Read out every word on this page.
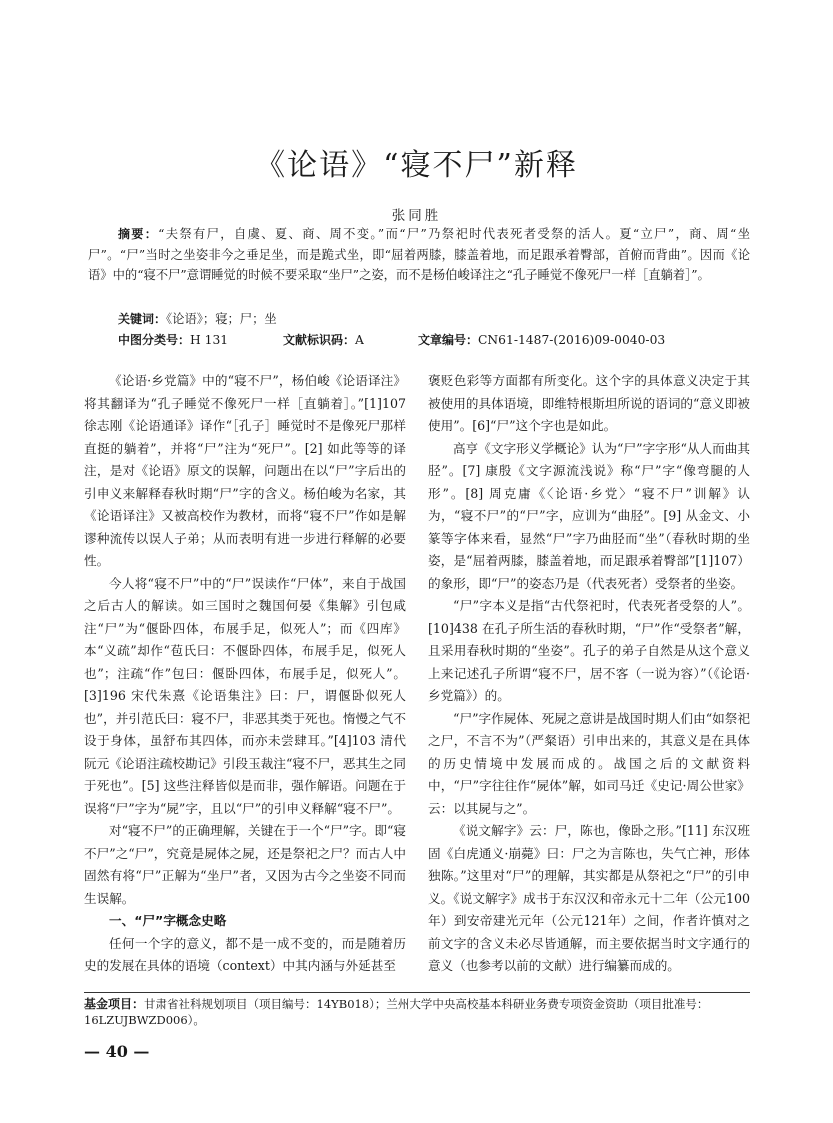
《论语》“寝不尸”新释
张同胜
摘要：“夫祭有尸，自虞、夏、商、周不变。”而“尸”乃祭祀时代表死者受祭的活人。夏“立尸”，商、周“坐尸”。“尸”当时之坐姿非今之垂足坐，而是跪式坐，即“屈着两膝，膝盖着地，而足跟承着臀部，首俯而背曲”。因而《论语》中的“寝不尸”意谓睡觉的时候不要采取“坐尸”之姿，而不是杨伯峻译注之“孔子睡觉不像死尸一样［直躺着］”。
关键词：《论语》；寝；尸；坐
中图分类号：H 131	文献标识码：A	文章编号：CN61-1487-(2016)09-0040-03

《论语·乡党篇》中的“寝不尸”，杨伯峻《论语译注》将其翻译为“孔子睡觉不像死尸一样［直躺着］。”[1]107 徐志刚《论语通译》译作“［孔子］睡觉时不是像死尸那样直挺的躺着”，并将“尸”注为“死尸”。[2] 如此等等的译注，是对《论语》原文的误解，问题出在以“尸”字后出的引申义来解释春秋时期“尸”字的含义。杨伯峻为名家，其《论语译注》又被高校作为教材，而将“寝不尸”作如是解谬种流传以误人子弟；从而表明有进一步进行释解的必要性。

今人将“寝不尸”中的“尸”误读作“尸体”，来自于战国之后古人的解读。如三国时之魏国何晏《集解》引包咸注“尸”为“偃卧四体，布展手足，似死人”；而《四库》本“义疏”却作“苞氏曰：不偃卧四体，布展手足，似死人也”；注疏“作”包曰：偃卧四体，布展手足，似死人”。[3]196 宋代朱熹《论语集注》曰：尸，谓偃卧似死人也”，并引范氏曰：寝不尸，非恶其类于死也。惰慢之气不设于身体，虽舒布其四体，而亦未尝肆耳。”[4]103 清代阮元《论语注疏校勘记》引段玉裁注“寝不尸，恶其生之同于死也”。[5] 这些注释皆似是而非，强作解语。问题在于误将“尸”字为“屍”字，且以“尸”的引申义释解“寝不尸”。

对“寝不尸”的正确理解，关键在于一个“尸”字。即“寝不尸”之“尸”，究竟是屍体之屍，还是祭祀之尸？而古人中固然有将“尸”正解为“坐尸”者，又因为古今之坐姿不同而生误解。

一、“尸”字概念史略

任何一个字的意义，都不是一成不变的，而是随着历史的发展在具体的语境（context）中其内涵与外延甚至

褒贬色彩等方面都有所变化。这个字的具体意义决定于其被使用的具体语境，即维特根斯坦所说的语词的“意义即被使用”。[6]“尸”这个字也是如此。

高亨《文字形义学概论》认为“尸”字字形“从人而曲其胫”。[7] 康殷《文字源流浅说》称“尸”字“像弯腿的人形”。[8] 周克庸《〈论语·乡党〉“寝不尸”训解》认为，“寝不尸”的“尸”字，应训为“曲胫”。[9] 从金文、小篆等字体来看，显然“尸”字乃曲胫而“坐”（春秋时期的坐姿，是“屈着两膝，膝盖着地，而足跟承着臀部”[1]107）的象形，即“尸”的姿态乃是（代表死者）受祭者的坐姿。

“尸”字本义是指“古代祭祀时，代表死者受祭的人”。[10]438 在孔子所生活的春秋时期，“尸”作“受祭者”解，且采用春秋时期的“坐姿”。孔子的弟子自然是从这个意义上来记述孔子所谓“寝不尸，居不客（一说为容）”（《论语·乡党篇》）的。

“尸”字作屍体、死屍之意讲是战国时期人们由“如祭祀之尸，不言不为”（严粲语）引申出来的，其意义是在具体的历史情境中发展而成的。战国之后的文献资料中，“尸”字往往作“屍体”解，如司马迁《史记·周公世家》云：以其屍与之”。

《说文解字》云：尸，陈也，像卧之形。”[11] 东汉班固《白虎通义·崩薨》曰：尸之为言陈也，失气亡神，形体独陈。”这里对“尸”的理解，其实都是从祭祀之“尸”的引申义。《说文解字》成书于东汉汉和帝永元十二年（公元100年）到安帝建光元年（公元121年）之间，作者许慎对之前文字的含义未必尽皆通解，而主要依据当时文字通行的意义（也参考以前的文献）进行编纂而成的。

基金项目：甘肃省社科规划项目（项目编号：14YB018）；兰州大学中央高校基本科研业务费专项资金资助（项目批准号：16LZUJBWZD006）。
— 40 —
